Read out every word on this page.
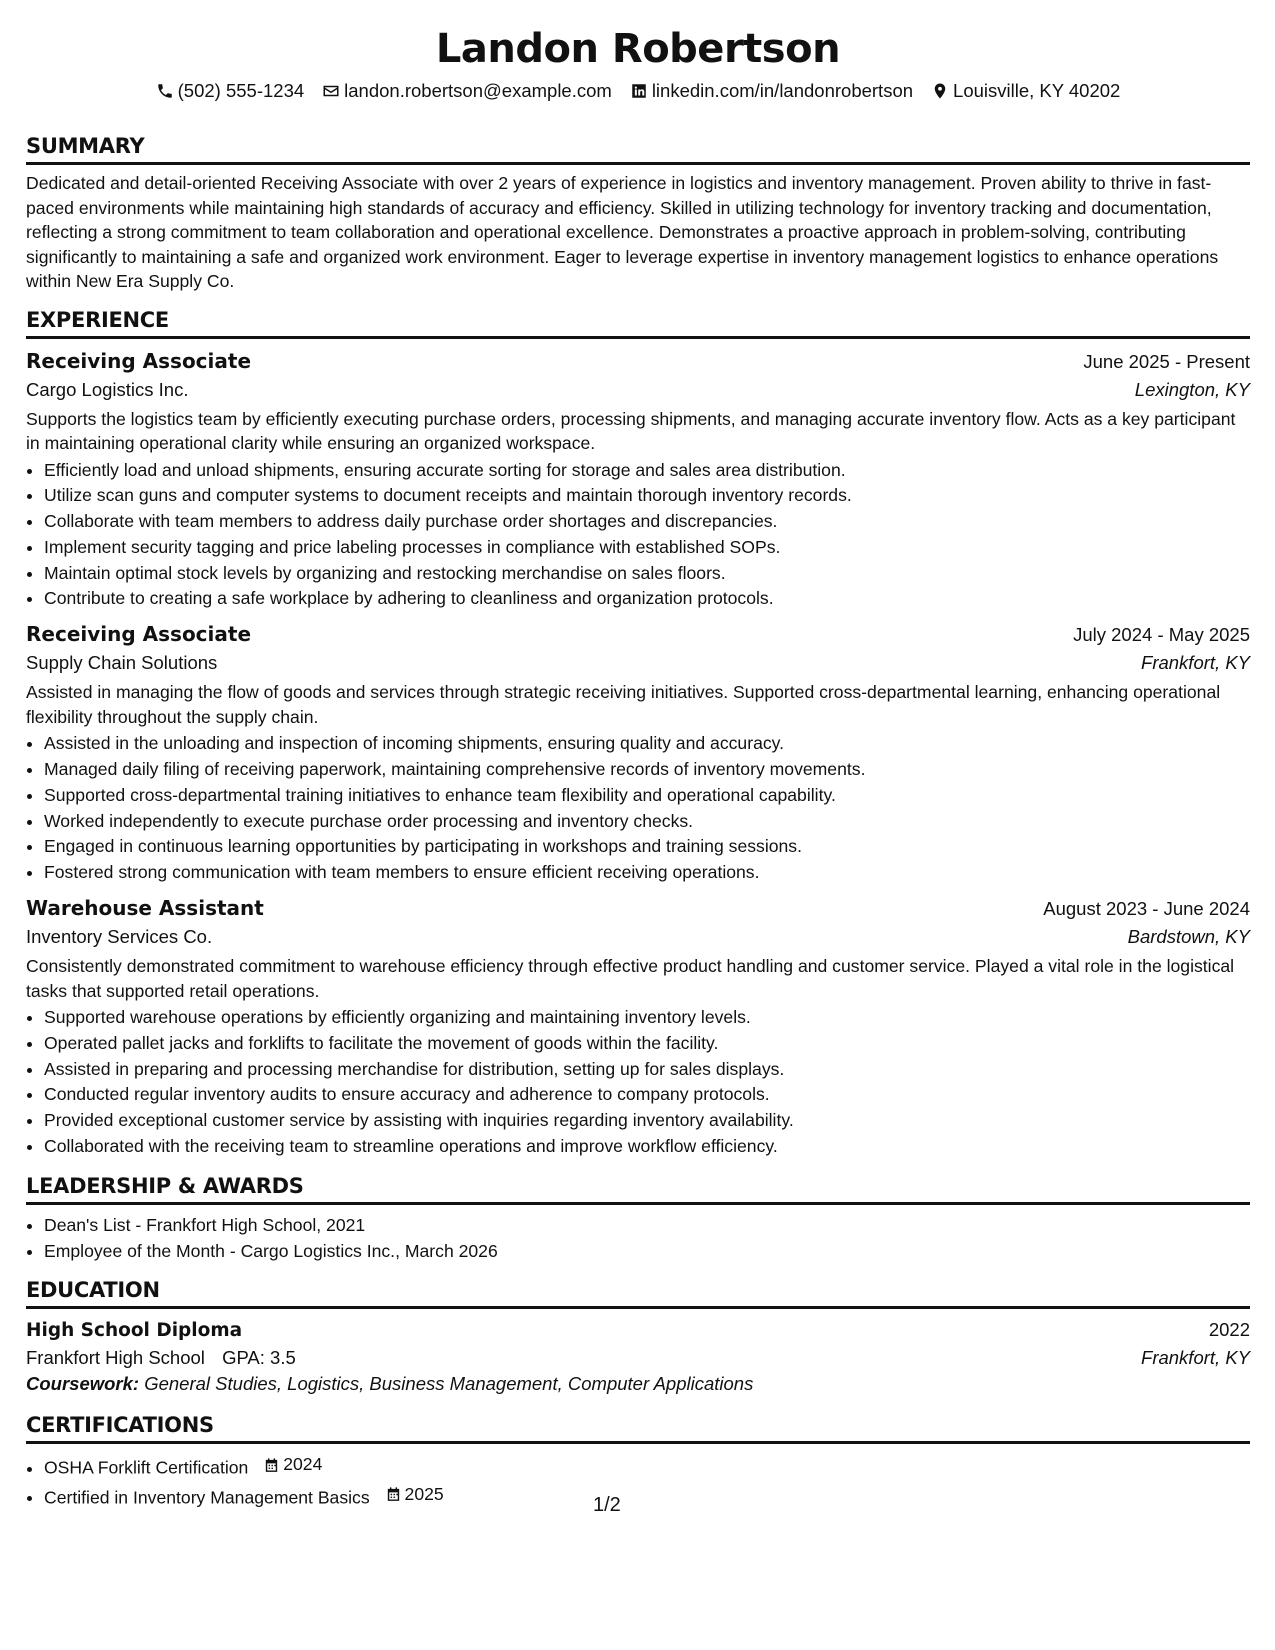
Landon Robertson
(502) 555-1234 landon.robertson@example.com linkedin.com/in/landonrobertson Louisville, KY 40202
SUMMARY
Dedicated and detail-oriented Receiving Associate with over 2 years of experience in logistics and inventory management. Proven ability to thrive in fast-paced environments while maintaining high standards of accuracy and efficiency. Skilled in utilizing technology for inventory tracking and documentation, reflecting a strong commitment to team collaboration and operational excellence. Demonstrates a proactive approach in problem-solving, contributing significantly to maintaining a safe and organized work environment. Eager to leverage expertise in inventory management logistics to enhance operations within New Era Supply Co.
EXPERIENCE
Receiving Associate	June 2025 - Present
Cargo Logistics Inc.	Lexington, KY
Supports the logistics team by efficiently executing purchase orders, processing shipments, and managing accurate inventory flow. Acts as a key participant in maintaining operational clarity while ensuring an organized workspace.
• Efficiently load and unload shipments, ensuring accurate sorting for storage and sales area distribution.
• Utilize scan guns and computer systems to document receipts and maintain thorough inventory records.
• Collaborate with team members to address daily purchase order shortages and discrepancies.
• Implement security tagging and price labeling processes in compliance with established SOPs.
• Maintain optimal stock levels by organizing and restocking merchandise on sales floors.
• Contribute to creating a safe workplace by adhering to cleanliness and organization protocols.
Receiving Associate	July 2024 - May 2025
Supply Chain Solutions	Frankfort, KY
Assisted in managing the flow of goods and services through strategic receiving initiatives. Supported cross-departmental learning, enhancing operational flexibility throughout the supply chain.
• Assisted in the unloading and inspection of incoming shipments, ensuring quality and accuracy.
• Managed daily filing of receiving paperwork, maintaining comprehensive records of inventory movements.
• Supported cross-departmental training initiatives to enhance team flexibility and operational capability.
• Worked independently to execute purchase order processing and inventory checks.
• Engaged in continuous learning opportunities by participating in workshops and training sessions.
• Fostered strong communication with team members to ensure efficient receiving operations.
Warehouse Assistant	August 2023 - June 2024
Inventory Services Co.	Bardstown, KY
Consistently demonstrated commitment to warehouse efficiency through effective product handling and customer service. Played a vital role in the logistical tasks that supported retail operations.
• Supported warehouse operations by efficiently organizing and maintaining inventory levels.
• Operated pallet jacks and forklifts to facilitate the movement of goods within the facility.
• Assisted in preparing and processing merchandise for distribution, setting up for sales displays.
• Conducted regular inventory audits to ensure accuracy and adherence to company protocols.
• Provided exceptional customer service by assisting with inquiries regarding inventory availability.
• Collaborated with the receiving team to streamline operations and improve workflow efficiency.
LEADERSHIP & AWARDS
• Dean's List - Frankfort High School, 2021
• Employee of the Month - Cargo Logistics Inc., March 2026
EDUCATION
High School Diploma	2022
Frankfort High School GPA: 3.5	Frankfort, KY
Coursework: General Studies, Logistics, Business Management, Computer Applications
CERTIFICATIONS
• OSHA Forklift Certification 2024
• Certified in Inventory Management Basics 2025
1/2
